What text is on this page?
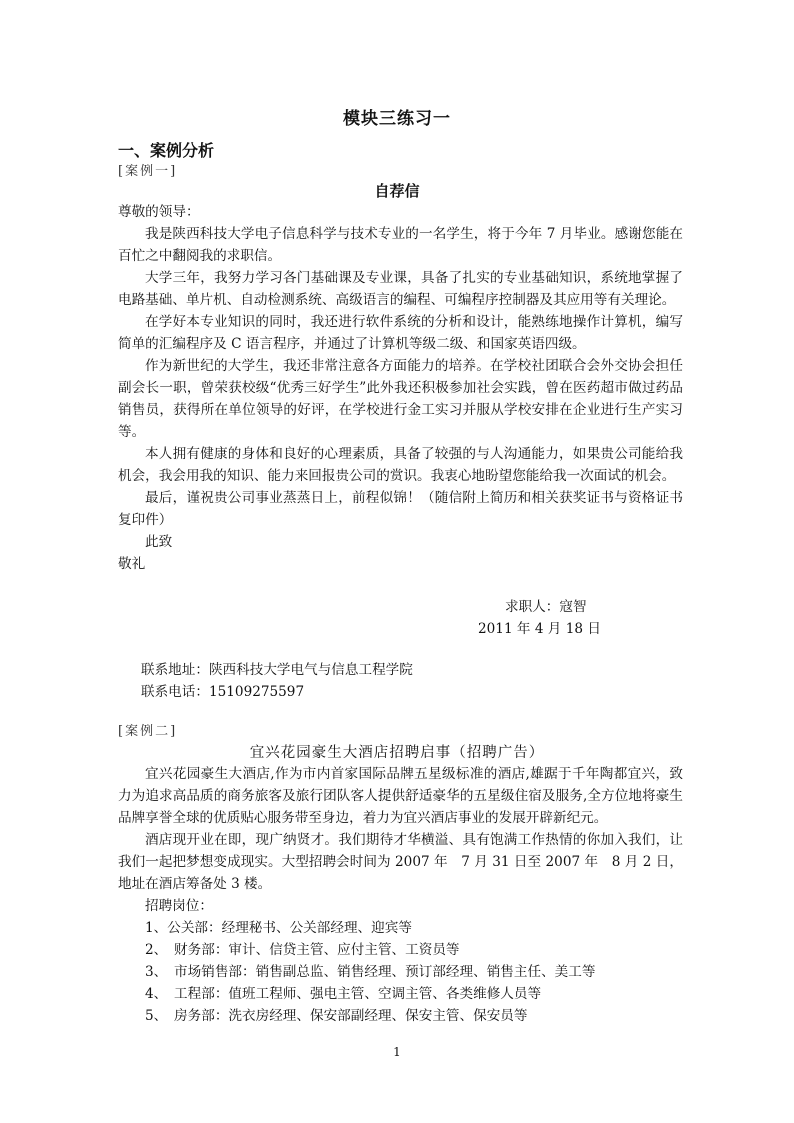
模块三练习一
一、案例分析
[案例一]
自荐信

尊敬的领导：

我是陕西科技大学电子信息科学与技术专业的一名学生，将于今年 7 月毕业。感谢您能在百忙之中翻阅我的求职信。

大学三年，我努力学习各门基础课及专业课，具备了扎实的专业基础知识，系统地掌握了电路基础、单片机、自动检测系统、高级语言的编程、可编程序控制器及其应用等有关理论。

在学好本专业知识的同时，我还进行软件系统的分析和设计，能熟练地操作计算机，编写简单的汇编程序及 C 语言程序，并通过了计算机等级二级、和国家英语四级。

作为新世纪的大学生，我还非常注意各方面能力的培养。在学校社团联合会外交协会担任副会长一职，曾荣获校级“优秀三好学生”此外我还积极参加社会实践，曾在医药超市做过药品销售员，获得所在单位领导的好评，在学校进行金工实习并服从学校安排在企业进行生产实习等。

本人拥有健康的身体和良好的心理素质，具备了较强的与人沟通能力，如果贵公司能给我机会，我会用我的知识、能力来回报贵公司的赏识。我衷心地盼望您能给我一次面试的机会。

最后，谨祝贵公司事业蒸蒸日上，前程似锦！（随信附上简历和相关获奖证书与资格证书复印件）

此致

敬礼

求职人：寇智
2011 年 4 月 18 日
联系地址：陕西科技大学电气与信息工程学院
联系电话：15109275597
[案例二]
宜兴花园豪生大酒店招聘启事（招聘广告）

宜兴花园豪生大酒店,作为市内首家国际品牌五星级标准的酒店,雄踞于千年陶都宜兴，致力为追求高品质的商务旅客及旅行团队客人提供舒适豪华的五星级住宿及服务,全方位地将豪生品牌享誉全球的优质贴心服务带至身边，着力为宜兴酒店事业的发展开辟新纪元。

酒店现开业在即，现广纳贤才。我们期待才华横溢、具有饱满工作热情的你加入我们，让我们一起把梦想变成现实。大型招聘会时间为 2007 年　7 月 31 日至 2007 年　8 月 2 日，地址在酒店筹备处 3 楼。

招聘岗位：

1、公关部：经理秘书、公关部经理、迎宾等

2、　财务部：审计、信贷主管、应付主管、工资员等

3、　市场销售部：销售副总监、销售经理、预订部经理、销售主任、美工等

4、　工程部：值班工程师、强电主管、空调主管、各类维修人员等

5、　房务部：洗衣房经理、保安部副经理、保安主管、保安员等

1
